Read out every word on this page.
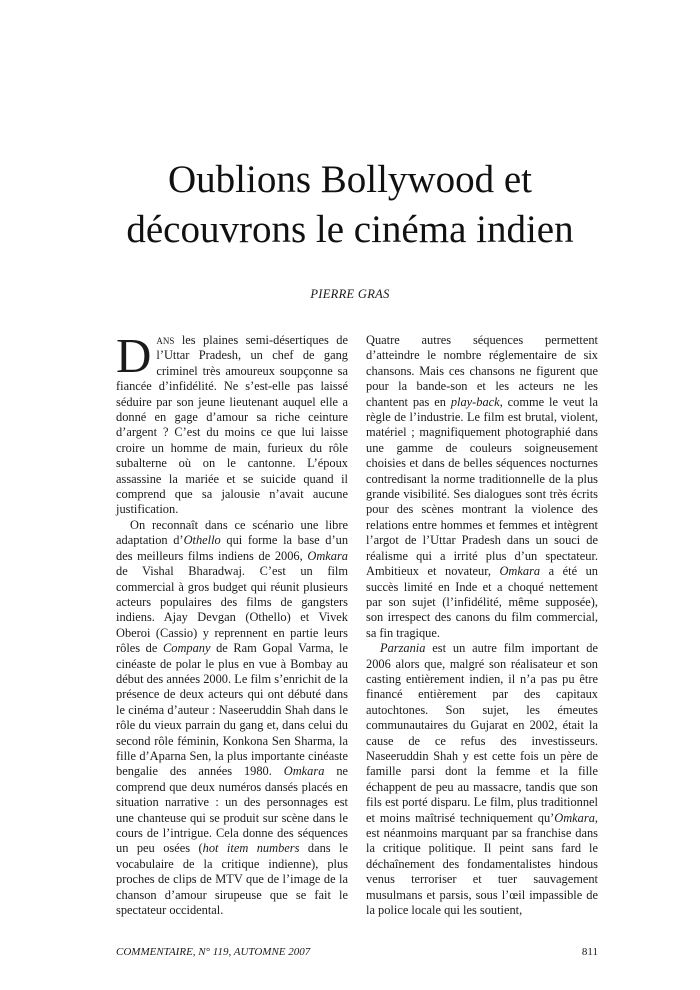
Oublions Bollywood et
découvrons le cinéma indien
PIERRE GRAS

Dans les plaines semi-désertiques de l’Uttar Pradesh, un chef de gang criminel très amoureux soupçonne sa fiancée d’infidélité. Ne s’est-elle pas laissé séduire par son jeune lieutenant auquel elle a donné en gage d’amour sa riche ceinture d’argent ? C’est du moins ce que lui laisse croire un homme de main, furieux du rôle subalterne où on le cantonne. L’époux assassine la mariée et se suicide quand il comprend que sa jalousie n’avait aucune justification.

On reconnaît dans ce scénario une libre adaptation d’Othello qui forme la base d’un des meilleurs films indiens de 2006, Omkara de Vishal Bharadwaj. C’est un film commercial à gros budget qui réunit plusieurs acteurs populaires des films de gangsters indiens. Ajay Devgan (Othello) et Vivek Oberoi (Cassio) y reprennent en partie leurs rôles de Company de Ram Gopal Varma, le cinéaste de polar le plus en vue à Bombay au début des années 2000. Le film s’enrichit de la présence de deux acteurs qui ont débuté dans le cinéma d’auteur : Naseeruddin Shah dans le rôle du vieux parrain du gang et, dans celui du second rôle féminin, Konkona Sen Sharma, la fille d’Aparna Sen, la plus importante cinéaste bengalie des années 1980. Omkara ne comprend que deux numéros dansés placés en situation narrative : un des personnages est une chanteuse qui se produit sur scène dans le cours de l’intrigue. Cela donne des séquences un peu osées (hot item numbers dans le vocabulaire de la critique indienne), plus proches de clips de MTV que de l’image de la chanson d’amour sirupeuse que se fait le spectateur occidental.

Quatre autres séquences permettent d’atteindre le nombre réglementaire de six chansons. Mais ces chansons ne figurent que pour la bande-son et les acteurs ne les chantent pas en play-back, comme le veut la règle de l’industrie. Le film est brutal, violent, matériel ; magnifiquement photographié dans une gamme de couleurs soigneusement choisies et dans de belles séquences nocturnes contredisant la norme traditionnelle de la plus grande visibilité. Ses dialogues sont très écrits pour des scènes montrant la violence des relations entre hommes et femmes et intègrent l’argot de l’Uttar Pradesh dans un souci de réalisme qui a irrité plus d’un spectateur. Ambitieux et novateur, Omkara a été un succès limité en Inde et a choqué nettement par son sujet (l’infidélité, même supposée), son irrespect des canons du film commercial, sa fin tragique.

Parzania est un autre film important de 2006 alors que, malgré son réalisateur et son casting entièrement indien, il n’a pas pu être financé entièrement par des capitaux autochtones. Son sujet, les émeutes communautaires du Gujarat en 2002, était la cause de ce refus des investisseurs. Naseeruddin Shah y est cette fois un père de famille parsi dont la femme et la fille échappent de peu au massacre, tandis que son fils est porté disparu. Le film, plus traditionnel et moins maîtrisé techniquement qu’Omkara, est néanmoins marquant par sa franchise dans la critique politique. Il peint sans fard le déchaînement des fondamentalistes hindous venus terroriser et tuer sauvagement musulmans et parsis, sous l’œil impassible de la police locale qui les soutient,

COMMENTAIRE, N° 119, AUTOMNE 2007	811
